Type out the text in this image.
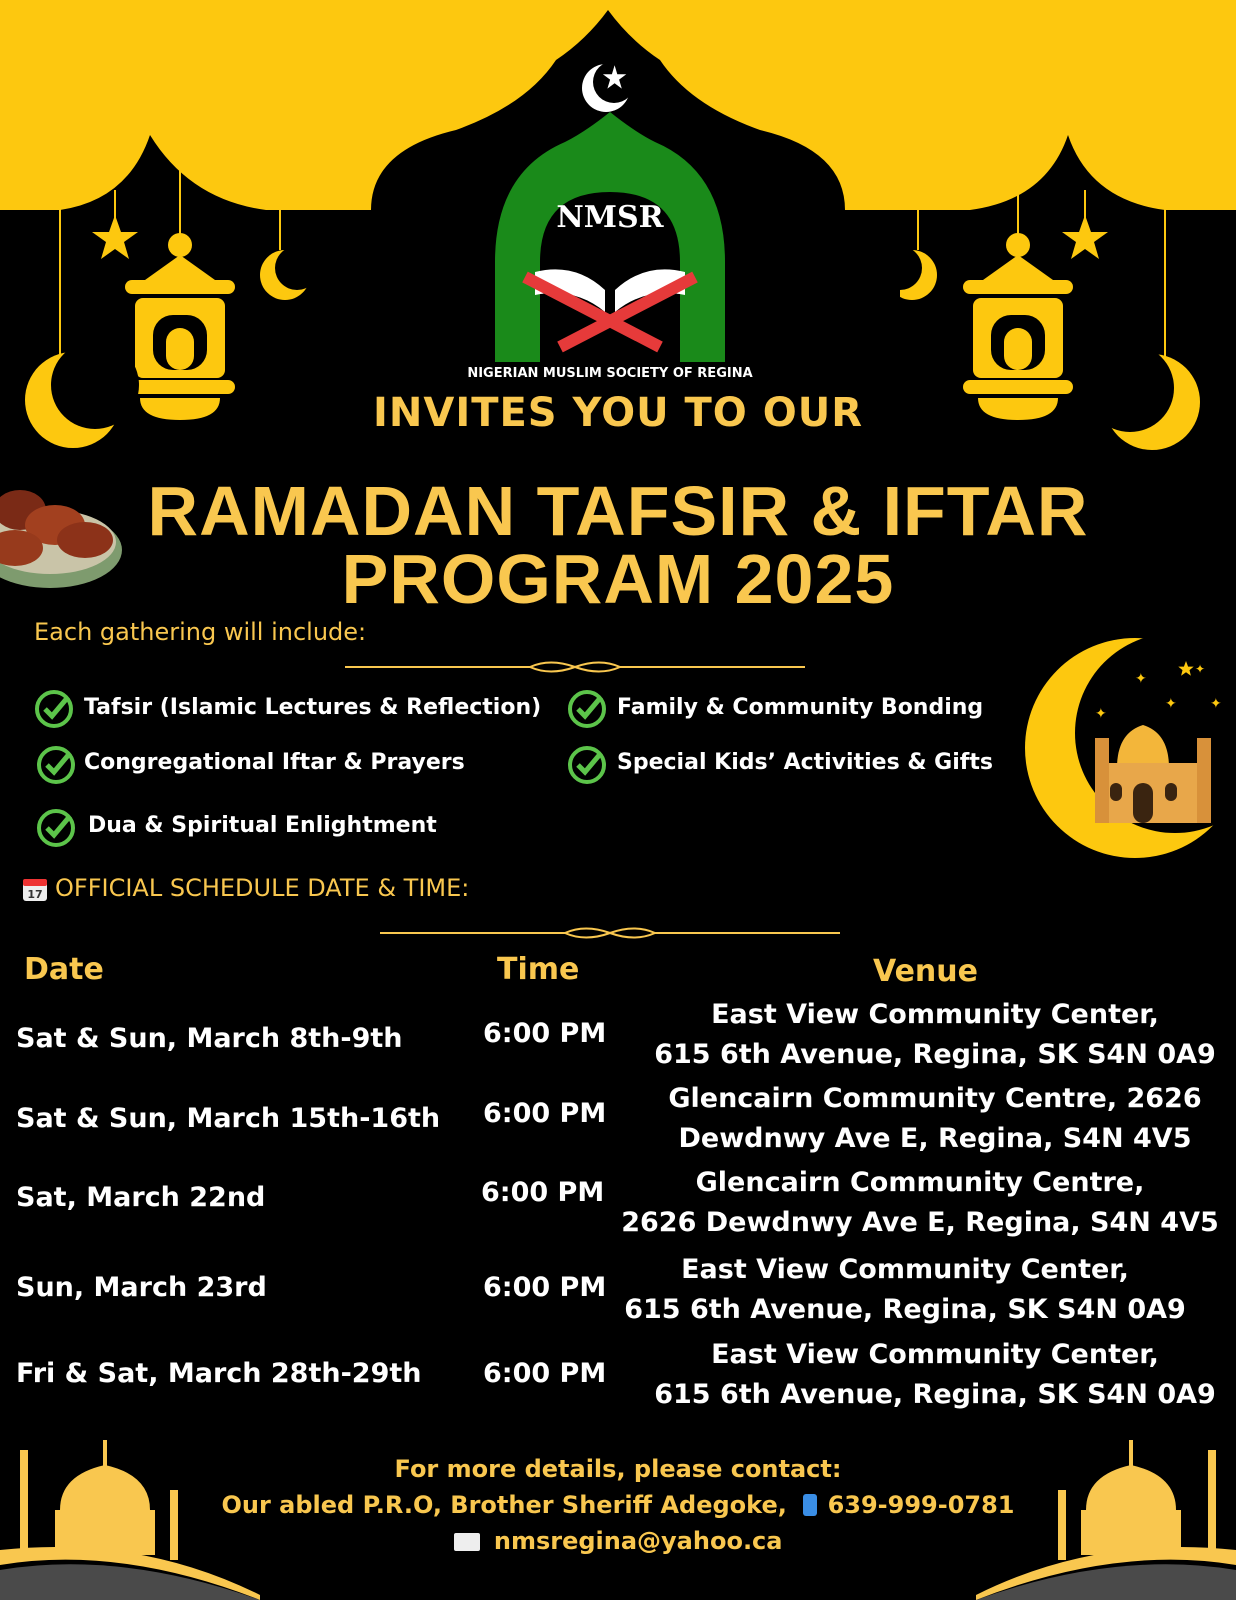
NMSR
NIGERIAN MUSLIM SOCIETY OF REGINA
✦
✦
✦
✦
✦
INVITES YOU TO OUR
RAMADAN TAFSIR & IFTAR
PROGRAM 2025
Each gathering will include:
Tafsir (Islamic Lectures & Reflection)	Family & Community Bonding
Congregational Iftar & Prayers	Special Kids’ Activities & Gifts
Dua & Spiritual Enlightment
17 OFFICIAL SCHEDULE DATE & TIME:
Date	Time	Venue
Sat & Sun, March 8th-9th	6:00 PM
East View Community Center,
615 6th Avenue, Regina, SK S4N 0A9
Sat & Sun, March 15th-16th 6:00 PM	Glencairn Community Centre, 2626
Dewdnwy Ave E, Regina, S4N 4V5
Sat, March 22nd	6:00 PM	Glencairn Community Centre,
2626 Dewdnwy Ave E, Regina, S4N 4V5
Sun, March 23rd	6:00 PM
East View Community Center,
615 6th Avenue, Regina, SK S4N 0A9
Fri & Sat, March 28th-29th 6:00 PM
East View Community Center,
615 6th Avenue, Regina, SK S4N 0A9
For more details, please contact:
Our abled P.R.O, Brother Sheriff Adegoke, 639-999-0781
nmsregina@yahoo.ca
